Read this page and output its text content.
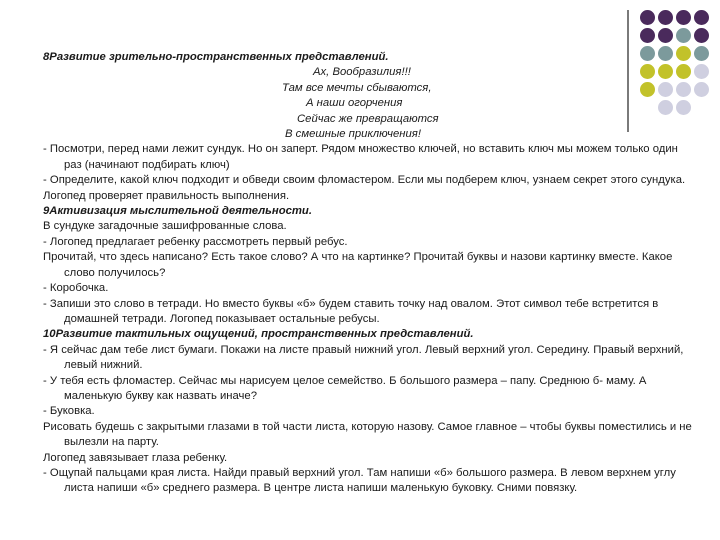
8Развитие зрительно-пространственных представлений.
Ах, Вообразилия!!!
Там все мечты сбываются,
А наши огорчения
Сейчас же превращаются
В смешные приключения!
- Посмотри, перед нами лежит сундук. Но он заперт. Рядом множество ключей, но вставить ключ мы можем только один раз (начинают подбирать ключ)
- Определите, какой ключ подходит и обведи своим фломастером. Если мы подберем ключ, узнаем секрет этого сундука.
Логопед проверяет правильность выполнения.
9Активизация мыслительной деятельности.
В сундуке загадочные зашифрованные слова.
- Логопед предлагает ребенку рассмотреть первый ребус.
Прочитай, что здесь написано? Есть такое слово? А что на картинке? Прочитай буквы и назови картинку вместе. Какое слово получилось?
- Коробочка.
- Запиши это слово в тетради. Но вместо буквы «б» будем ставить точку над овалом. Этот символ тебе встретится в домашней тетради. Логопед показывает остальные ребусы.
10Развитие тактильных ощущений, пространственных представлений.
- Я сейчас дам тебе лист бумаги. Покажи на листе правый нижний угол. Левый верхний угол. Середину. Правый верхний, левый нижний.
- У тебя есть фломастер. Сейчас мы нарисуем целое семейство. Б большого размера – папу. Среднюю б- маму. А маленькую букву как назвать иначе?
- Буковка.
Рисовать будешь с закрытыми глазами в той части листа, которую назову. Самое главное – чтобы буквы поместились и не вылезли на парту.
Логопед завязывает глаза ребенку.
- Ощупай пальцами края листа. Найди правый верхний угол. Там напиши «б» большого размера. В левом верхнем углу листа напиши «б» среднего размера. В центре листа напиши маленькую буковку. Сними повязку.
